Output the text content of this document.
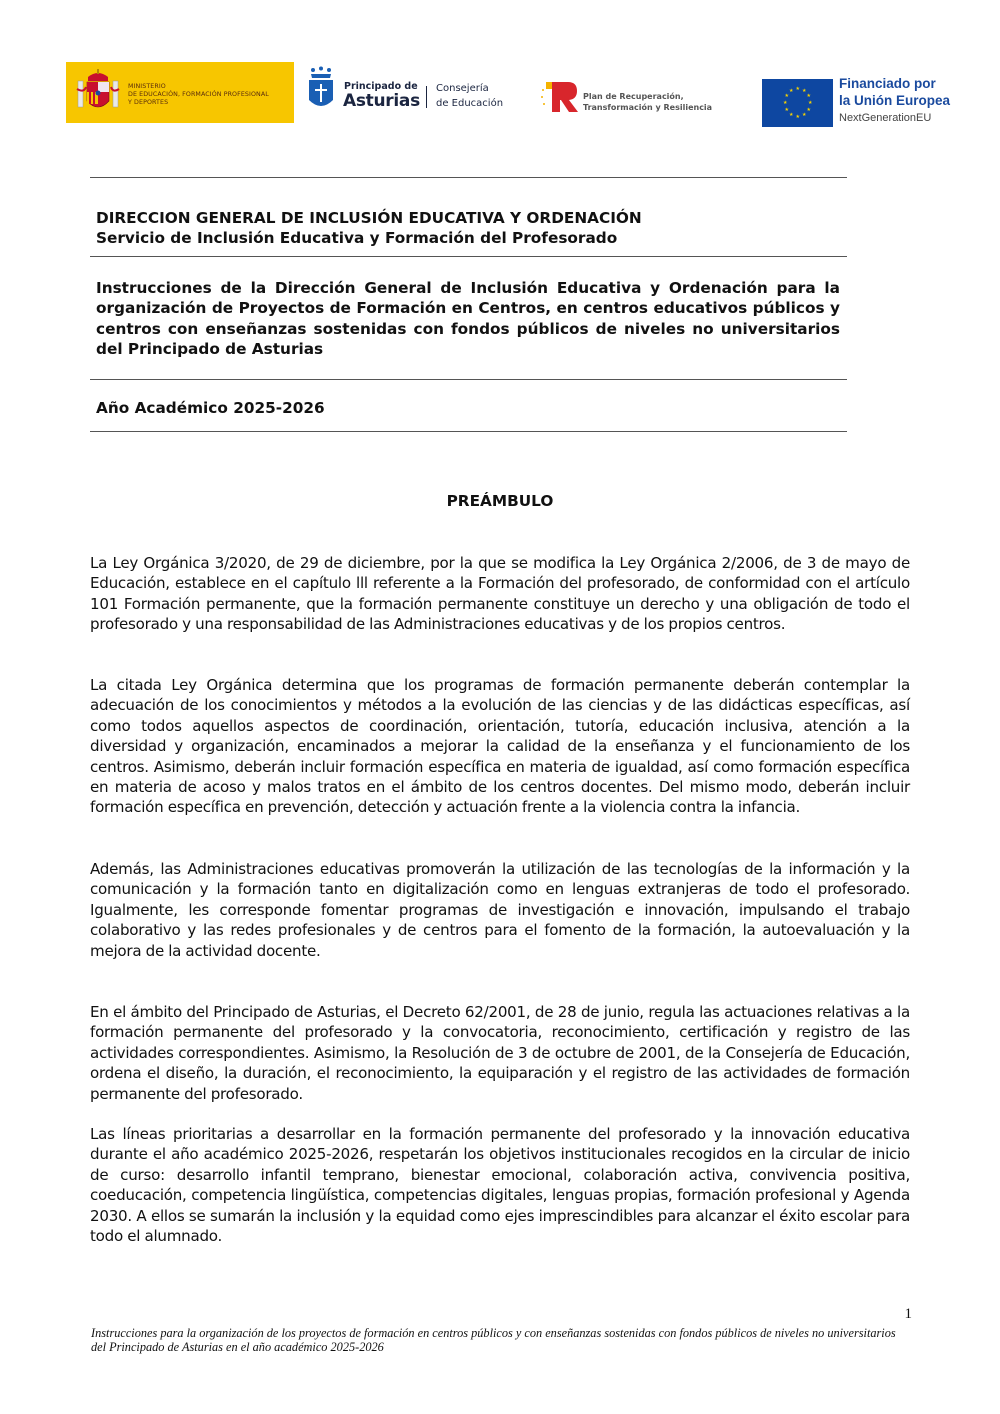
MINISTERIO
DE EDUCACIÓN, FORMACIÓN PROFESIONAL
Y DEPORTES
Principado de
Asturias
Consejería
de Educación
Plan de Recuperación,
Transformación y Resiliencia
★ ★
★
★
★
★
★
★
★
★
★
★	Financiado por
la Unión Europea
NextGenerationEU
DIRECCION GENERAL DE INCLUSIÓN EDUCATIVA Y ORDENACIÓN
Servicio de Inclusión Educativa y Formación del Profesorado
Instrucciones de la Dirección General de Inclusión Educativa y Ordenación para la organización de Proyectos de Formación en Centros, en centros educativos públicos y centros con enseñanzas sostenidas con fondos públicos de niveles no universitarios del Principado de Asturias
Año Académico 2025-2026
PREÁMBULO
La Ley Orgánica 3/2020, de 29 de diciembre, por la que se modifica la Ley Orgánica 2/2006, de 3 de mayo de Educación, establece en el capítulo lll referente a la Formación del profesorado, de conformidad con el artículo 101 Formación permanente, que la formación permanente constituye un derecho y una obligación de todo el profesorado y una responsabilidad de las Administraciones educativas y de los propios centros.
La citada Ley Orgánica determina que los programas de formación permanente deberán contemplar la adecuación de los conocimientos y métodos a la evolución de las ciencias y de las didácticas específicas, así como todos aquellos aspectos de coordinación, orientación, tutoría, educación inclusiva, atención a la diversidad y organización, encaminados a mejorar la calidad de la enseñanza y el funcionamiento de los centros. Asimismo, deberán incluir formación específica en materia de igualdad, así como formación específica en materia de acoso y malos tratos en el ámbito de los centros docentes. Del mismo modo, deberán incluir formación específica en prevención, detección y actuación frente a la violencia contra la infancia.
Además, las Administraciones educativas promoverán la utilización de las tecnologías de la información y la comunicación y la formación tanto en digitalización como en lenguas extranjeras de todo el profesorado. Igualmente, les corresponde fomentar programas de investigación e innovación, impulsando el trabajo colaborativo y las redes profesionales y de centros para el fomento de la formación, la autoevaluación y la mejora de la actividad docente.
En el ámbito del Principado de Asturias, el Decreto 62/2001, de 28 de junio, regula las actuaciones relativas a la formación permanente del profesorado y la convocatoria, reconocimiento, certificación y registro de las actividades correspondientes. Asimismo, la Resolución de 3 de octubre de 2001, de la Consejería de Educación, ordena el diseño, la duración, el reconocimiento, la equiparación y el registro de las actividades de formación permanente del profesorado.
Las líneas prioritarias a desarrollar en la formación permanente del profesorado y la innovación educativa durante el año académico 2025-2026, respetarán los objetivos institucionales recogidos en la circular de inicio de curso: desarrollo infantil temprano, bienestar emocional, colaboración activa, convivencia positiva, coeducación, competencia lingüística, competencias digitales, lenguas propias, formación profesional y Agenda 2030. A ellos se sumarán la inclusión y la equidad como ejes imprescindibles para alcanzar el éxito escolar para todo el alumnado.
1
Instrucciones para la organización de los proyectos de formación en centros públicos y con enseñanzas sostenidas con fondos públicos de niveles no universitarios del Principado de Asturias en el año académico 2025-2026
